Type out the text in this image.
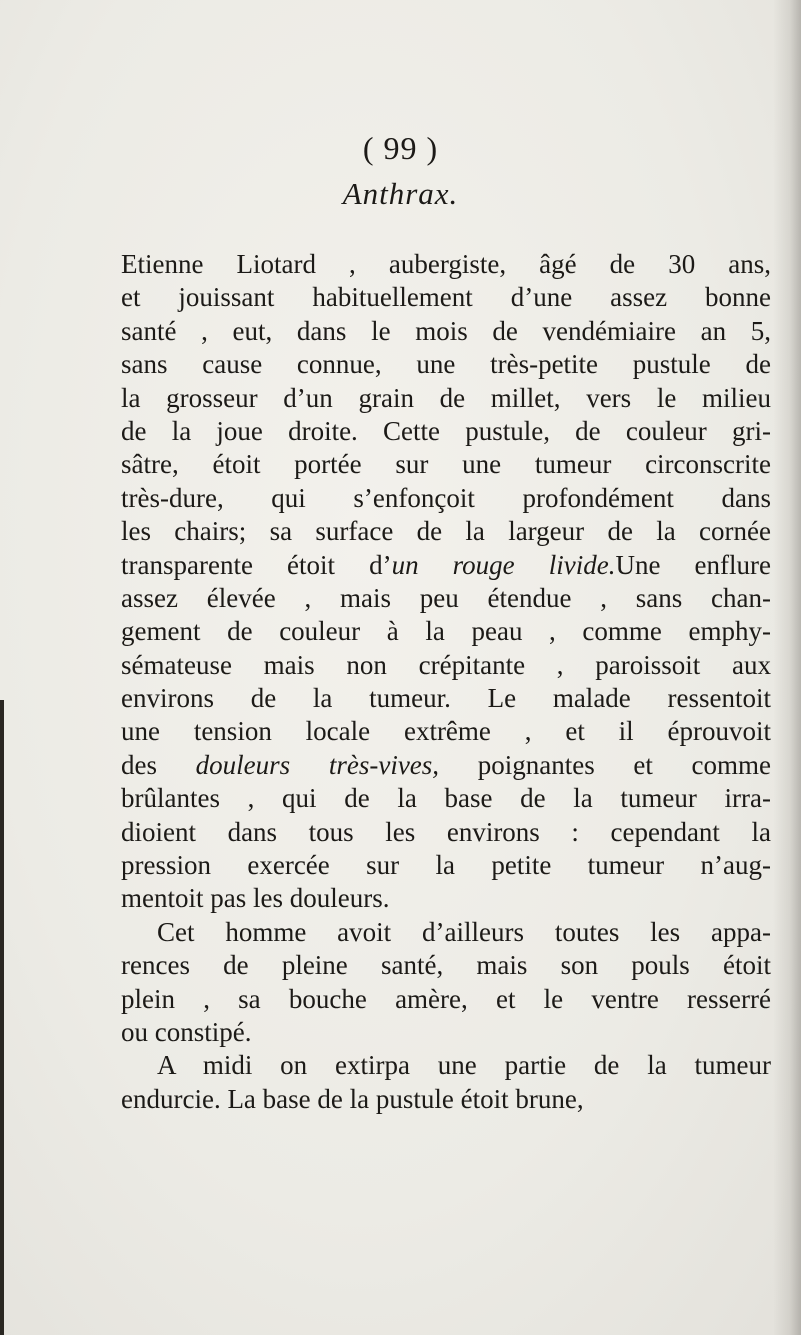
( 99 )
Anthrax.
Etienne Liotard , aubergiste, âgé de 30 ans,
et jouissant habituellement d’une assez bonne
santé , eut, dans le mois de vendémiaire an 5,
sans cause connue, une très-petite pustule de
la grosseur d’un grain de millet, vers le milieu
de la joue droite. Cette pustule, de couleur gri-
sâtre, étoit portée sur une tumeur circonscrite
très-dure, qui s’enfonçoit profondément dans
les chairs; sa surface de la largeur de la cornée
transparente étoit d’un rouge livide.Une enflure
assez élevée , mais peu étendue , sans chan-
gement de couleur à la peau , comme emphy-
sémateuse mais non crépitante , paroissoit aux
environs de la tumeur. Le malade ressentoit
une tension locale extrême , et il éprouvoit
des douleurs très-vives, poignantes et comme
brûlantes , qui de la base de la tumeur irra-
dioient dans tous les environs : cependant la
pression exercée sur la petite tumeur n’aug-
mentoit pas les douleurs.
Cet homme avoit d’ailleurs toutes les appa-
rences de pleine santé, mais son pouls étoit
plein , sa bouche amère, et le ventre resserré
ou constipé.
A midi on extirpa une partie de la tumeur
endurcie. La base de la pustule étoit brune,
